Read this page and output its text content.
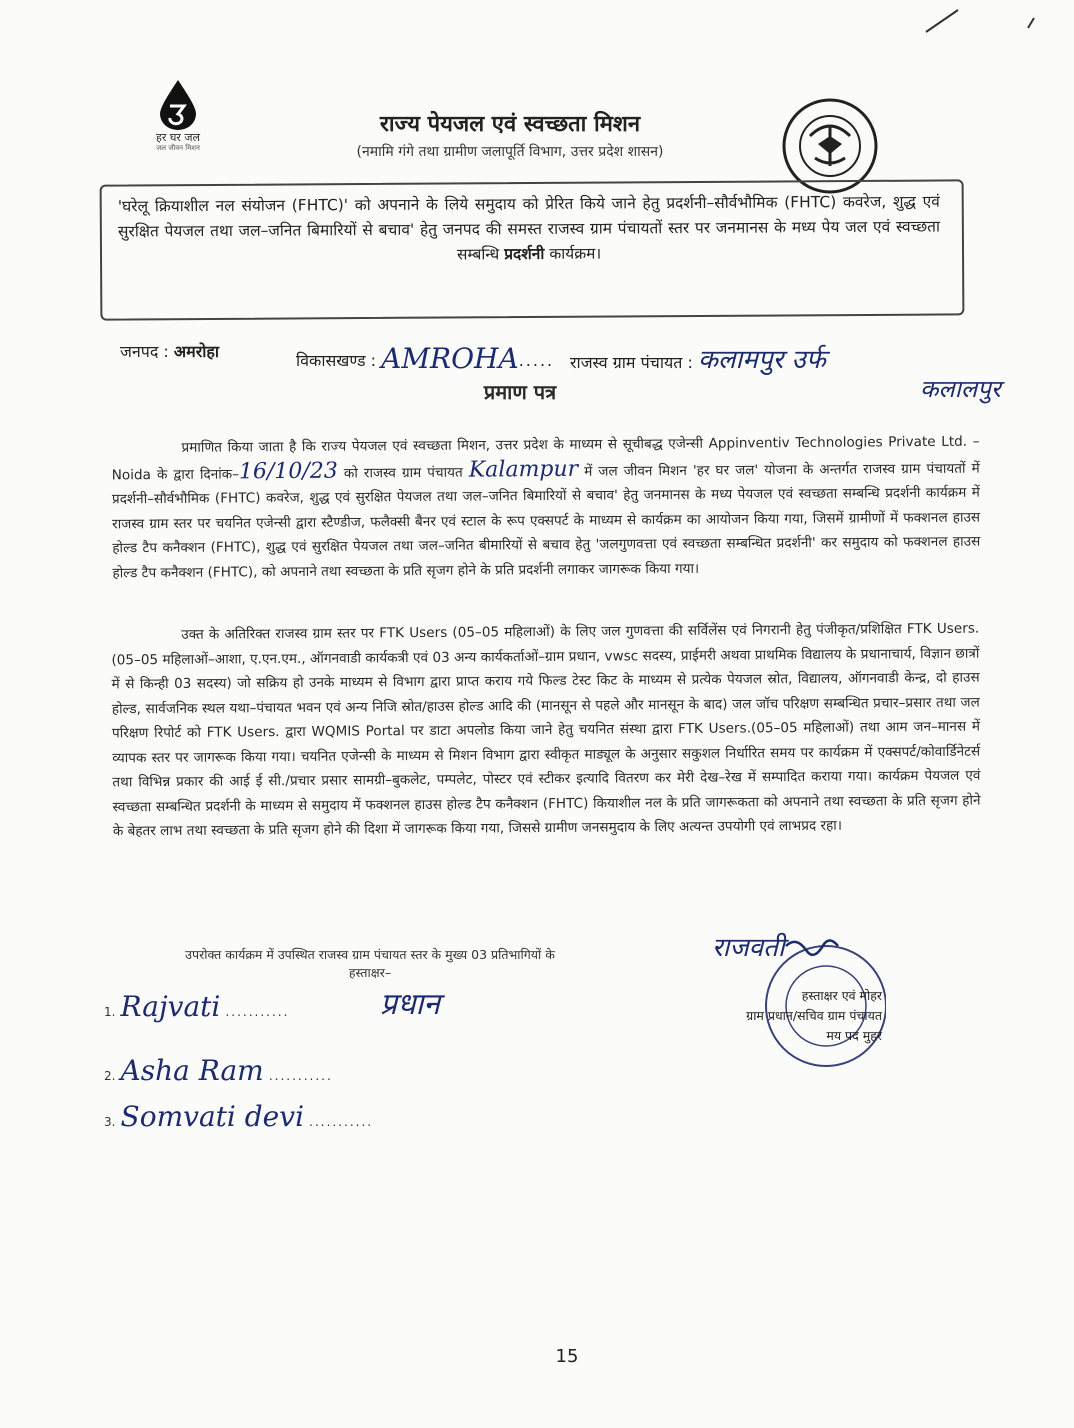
हर घर जल
जल जीवन मिशन
राज्य पेयजल एवं स्वच्छता मिशन
(नमामि गंगे तथा ग्रामीण जलापूर्ति विभाग, उत्तर प्रदेश शासन)
'घरेलू क्रियाशील नल संयोजन (FHTC)' को अपनाने के लिये समुदाय को प्रेरित किये जाने हेतु प्रदर्शनी–सौर्वभौमिक (FHTC) कवरेज, शुद्ध एवं सुरक्षित पेयजल तथा जल–जनित बिमारियों से बचाव' हेतु जनपद की समस्त राजस्व ग्राम पंचायतों स्तर पर जनमानस के मध्य पेय जल एवं स्वच्छता सम्बन्धि प्रदर्शनी कार्यक्रम।
जनपद : अमरोहा	विकासखण्ड : AMROHA..... राजस्व ग्राम पंचायत : कलामपुर उर्फ
कलालपुर
प्रमाण पत्र
प्रमाणित किया जाता है कि राज्य पेयजल एवं स्वच्छता मिशन, उत्तर प्रदेश के माध्यम से सूचीबद्ध एजेन्सी Appinventiv Technologies Private Ltd. – Noida के द्वारा दिनांक–16/10/23 को राजस्व ग्राम पंचायत Kalampur में जल जीवन मिशन 'हर घर जल' योजना के अन्तर्गत राजस्व ग्राम पंचायतों में प्रदर्शनी–सौर्वभौमिक (FHTC) कवरेज, शुद्ध एवं सुरक्षित पेयजल तथा जल–जनित बिमारियों से बचाव' हेतु जनमानस के मध्य पेयजल एवं स्वच्छता सम्बन्धि प्रदर्शनी कार्यक्रम में राजस्व ग्राम स्तर पर चयनित एजेन्सी द्वारा स्टैण्डीज, फलैक्सी बैनर एवं स्टाल के रूप एक्सपर्ट के माध्यम से कार्यक्रम का आयोजन किया गया, जिसमें ग्रामीणों में फक्शनल हाउस होल्ड टैप कनैक्शन (FHTC), शुद्ध एवं सुरक्षित पेयजल तथा जल–जनित बीमारियों से बचाव हेतु 'जलगुणवत्ता एवं स्वच्छता सम्बन्धित प्रदर्शनी' कर समुदाय को फक्शनल हाउस होल्ड टैप कनैक्शन (FHTC), को अपनाने तथा स्वच्छता के प्रति सृजग होने के प्रति प्रदर्शनी लगाकर जागरूक किया गया।
उक्त के अतिरिक्त राजस्व ग्राम स्तर पर FTK Users (05–05 महिलाओं) के लिए जल गुणवत्ता की सर्विलेंस एवं निगरानी हेतु पंजीकृत/प्रशिक्षित FTK Users.(05–05 महिलाओं–आशा, ए.एन.एम., ऑगनवाडी कार्यकत्री एवं 03 अन्य कार्यकर्ताओं–ग्राम प्रधान, vwsc सदस्य, प्राईमरी अथवा प्राथमिक विद्यालय के प्रधानाचार्य, विज्ञान छात्रों में से किन्ही 03 सदस्य) जो सक्रिय हो उनके माध्यम से विभाग द्वारा प्राप्त कराय गये फिल्ड टेस्ट किट के माध्यम से प्रत्येक पेयजल स्रोत, विद्यालय, ऑगनवाडी केन्द्र, दो हाउस होल्ड, सार्वजनिक स्थल यथा–पंचायत भवन एवं अन्य निजि स्रोत/हाउस होल्ड आदि की (मानसून से पहले और मानसून के बाद) जल जॉच परिक्षण सम्बन्धित प्रचार–प्रसार तथा जल परिक्षण रिपोर्ट को FTK Users. द्वारा WQMIS Portal पर डाटा अपलोड किया जाने हेतु चयनित संस्था द्वारा FTK Users.(05–05 महिलाओं) तथा आम जन–मानस में व्यापक स्तर पर जागरूक किया गया। चयनित एजेन्सी के माध्यम से मिशन विभाग द्वारा स्वीकृत माड्यूल के अनुसार सकुशल निर्धारित समय पर कार्यक्रम में एक्सपर्ट/कोवार्डिनेटर्स तथा विभिन्न प्रकार की आई ई सी./प्रचार प्रसार सामग्री–बुकलेट, पम्पलेट, पोस्टर एवं स्टीकर इत्यादि वितरण कर मेरी देख–रेख में सम्पादित कराया गया। कार्यक्रम पेयजल एवं स्वच्छता सम्बन्धित प्रदर्शनी के माध्यम से समुदाय में फक्शनल हाउस होल्ड टैप कनैक्शन (FHTC) कियाशील नल के प्रति जागरूकता को अपनाने तथा स्वच्छता के प्रति सृजग होने के बेहतर लाभ तथा स्वच्छता के प्रति सृजग होने की दिशा में जागरूक किया गया, जिससे ग्रामीण जनसमुदाय के लिए अत्यन्त उपयोगी एवं लाभप्रद रहा।
उपरोक्त कार्यक्रम में उपस्थित राजस्व ग्राम पंचायत स्तर के मुख्य 03 प्रतिभागियों के
हस्ताक्षर–
1. Rajvati ...........	प्रधान
2. Asha Ram ...........
3. Somvati devi ...........
राजवती
हस्ताक्षर एवं मोहर
ग्राम प्रधान/सचिव ग्राम पंचायत
मय पद मुहर
15
